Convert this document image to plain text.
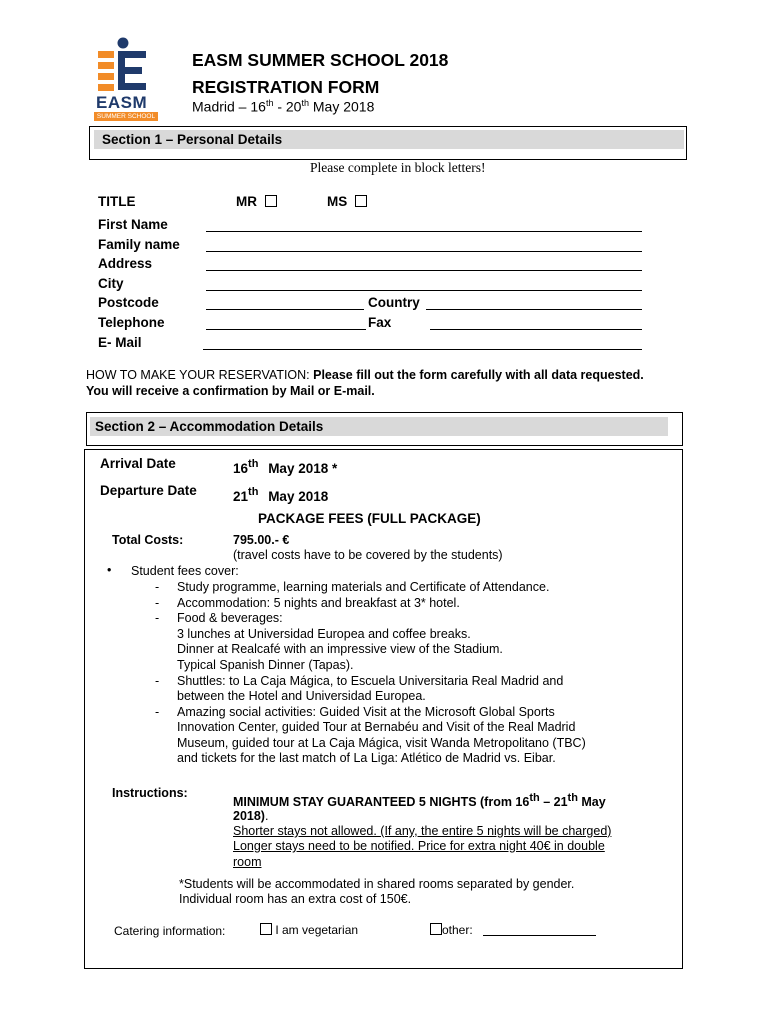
EASM
SUMMER SCHOOL
EASM SUMMER SCHOOL 2018
REGISTRATION FORM
Madrid – 16th - 20th May 2018
Section 1 – Personal Details
Please complete in block letters!
TITLE	MR	MS
First Name
Family name
Address
City
Postcode	Country
Telephone	Fax
E- Mail
HOW TO MAKE YOUR RESERVATION: Please fill out the form carefully with all data requested.
You will receive a confirmation by Mail or E-mail.
Section 2 – Accommodation Details
Arrival Date	16th May 2018 *
Departure Date	21th May 2018
PACKAGE FEES (FULL PACKAGE)
Total Costs:	795.00.- €
(travel costs have to be covered by the students)
• Student fees cover:
- Study programme, learning materials and Certificate of Attendance.
- Accommodation: 5 nights and breakfast at 3* hotel.
- Food & beverages:
3 lunches at Universidad Europea and coffee breaks.
Dinner at Realcafé with an impressive view of the Stadium.
Typical Spanish Dinner (Tapas).
- Shuttles: to La Caja Mágica, to Escuela Universitaria Real Madrid and
between the Hotel and Universidad Europea.
- Amazing social activities: Guided Visit at the Microsoft Global Sports
Innovation Center, guided Tour at Bernabéu and Visit of the Real Madrid
Museum, guided tour at La Caja Mágica, visit Wanda Metropolitano (TBC)
and tickets for the last match of La Liga: Atlético de Madrid vs. Eibar.
Instructions:
MINIMUM STAY GUARANTEED 5 NIGHTS (from 16th – 21th May
2018).
Shorter stays not allowed. (If any, the entire 5 nights will be charged)
Longer stays need to be notified. Price for extra night 40€ in double
room
*Students will be accommodated in shared rooms separated by gender.
Individual room has an extra cost of 150€.
Catering information:	I am vegetarian	other:
